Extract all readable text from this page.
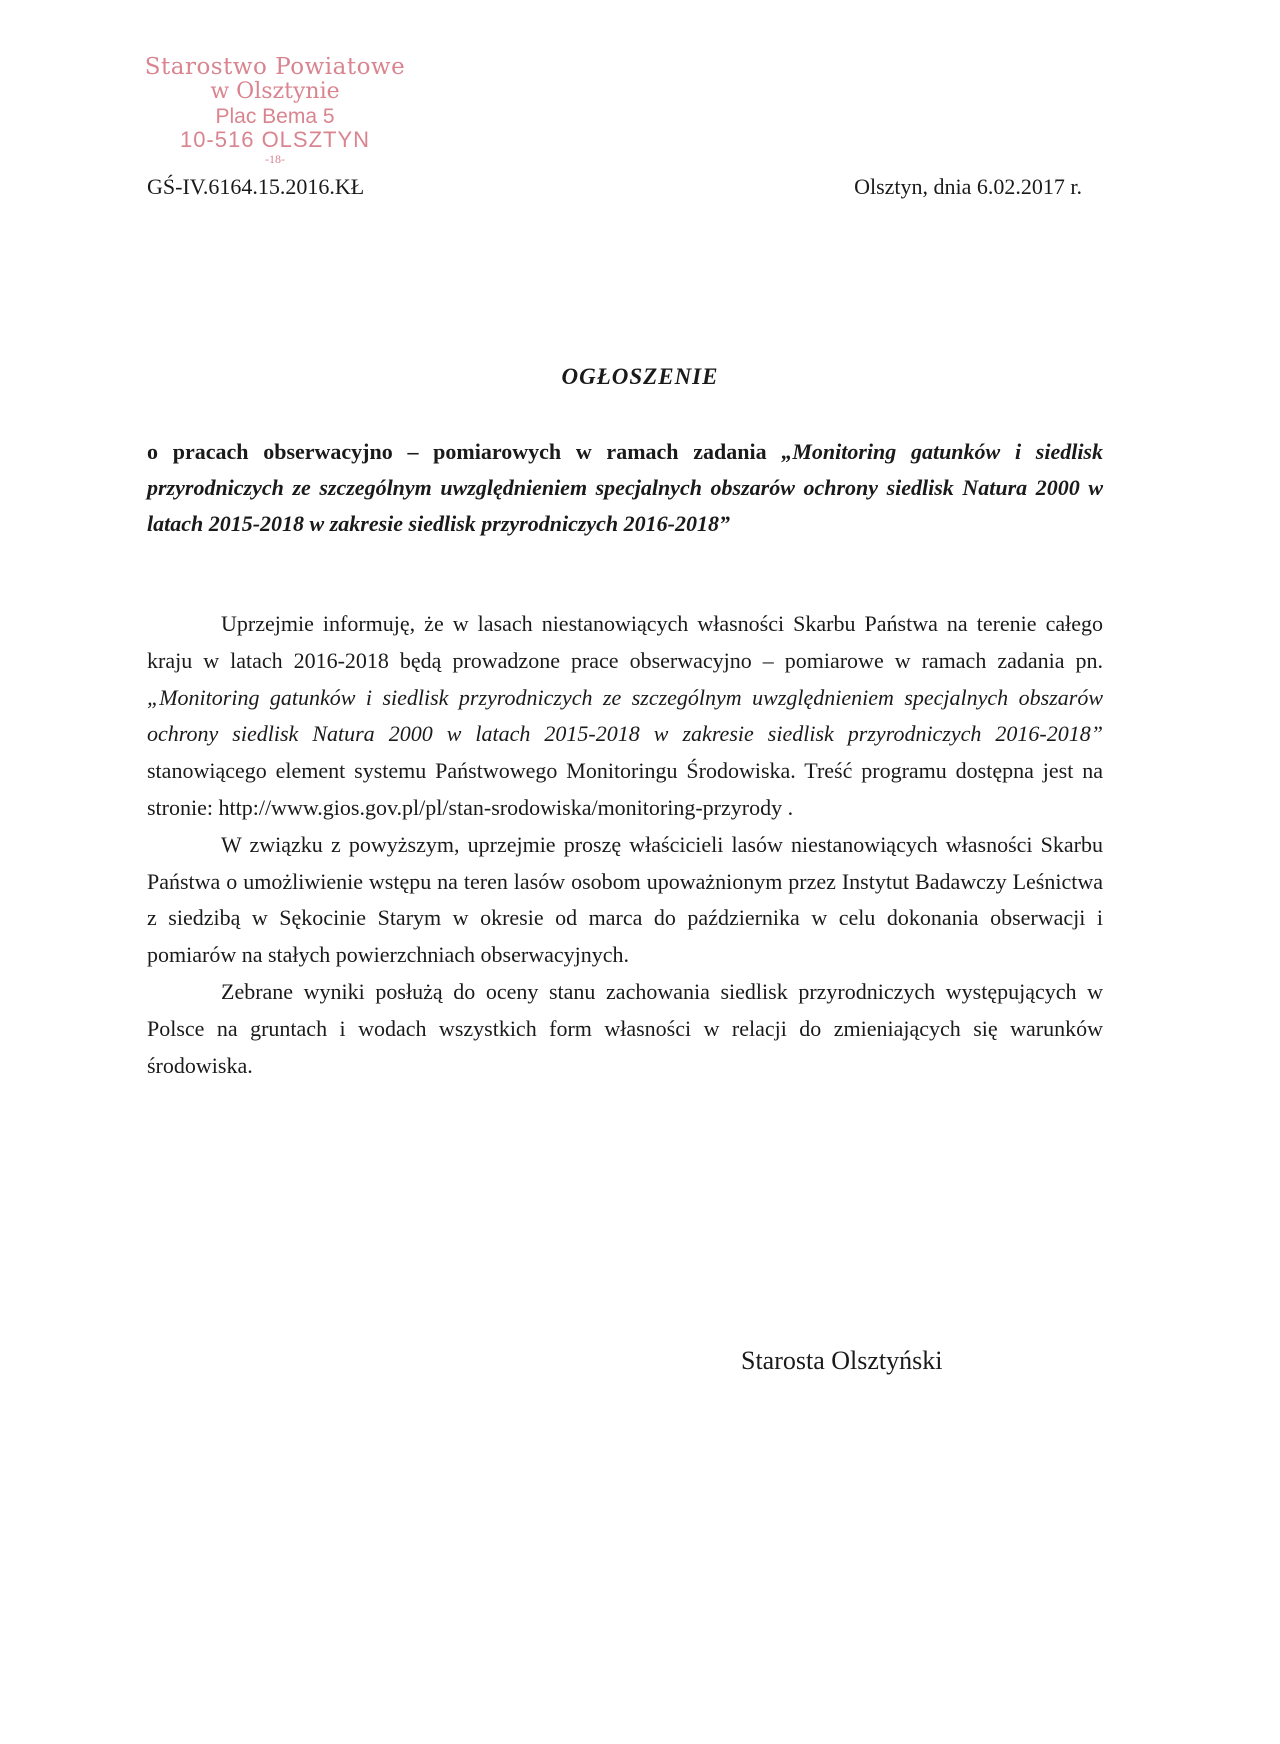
Starostwo Powiatowe
w Olsztynie
Plac Bema 5
10-516 OLSZTYN
-18-
GŚ-IV.6164.15.2016.KŁ	Olsztyn, dnia 6.02.2017 r.
OGŁOSZENIE
o pracach obserwacyjno – pomiarowych w ramach zadania „Monitoring gatunków i siedlisk przyrodniczych ze szczególnym uwzględnieniem specjalnych obszarów ochrony siedlisk Natura 2000 w latach 2015-2018 w zakresie siedlisk przyrodniczych 2016-2018”

Uprzejmie informuję, że w lasach niestanowiących własności Skarbu Państwa na terenie całego kraju w latach 2016-2018 będą prowadzone prace obserwacyjno – pomiarowe w ramach zadania pn. „Monitoring gatunków i siedlisk przyrodniczych ze szczególnym uwzględnieniem specjalnych obszarów ochrony siedlisk Natura 2000 w latach 2015-2018 w zakresie siedlisk przyrodniczych 2016-2018” stanowiącego element systemu Państwowego Monitoringu Środowiska. Treść programu dostępna jest na stronie: http://www.gios.gov.pl/pl/stan-srodowiska/monitoring-przyrody .

W związku z powyższym, uprzejmie proszę właścicieli lasów niestanowiących własności Skarbu Państwa o umożliwienie wstępu na teren lasów osobom upoważnionym przez Instytut Badawczy Leśnictwa z siedzibą w Sękocinie Starym w okresie od marca do października w celu dokonania obserwacji i pomiarów na stałych powierzchniach obserwacyjnych.

Zebrane wyniki posłużą do oceny stanu zachowania siedlisk przyrodniczych występujących w Polsce na gruntach i wodach wszystkich form własności w relacji do zmieniających się warunków środowiska.

Starosta Olsztyński
